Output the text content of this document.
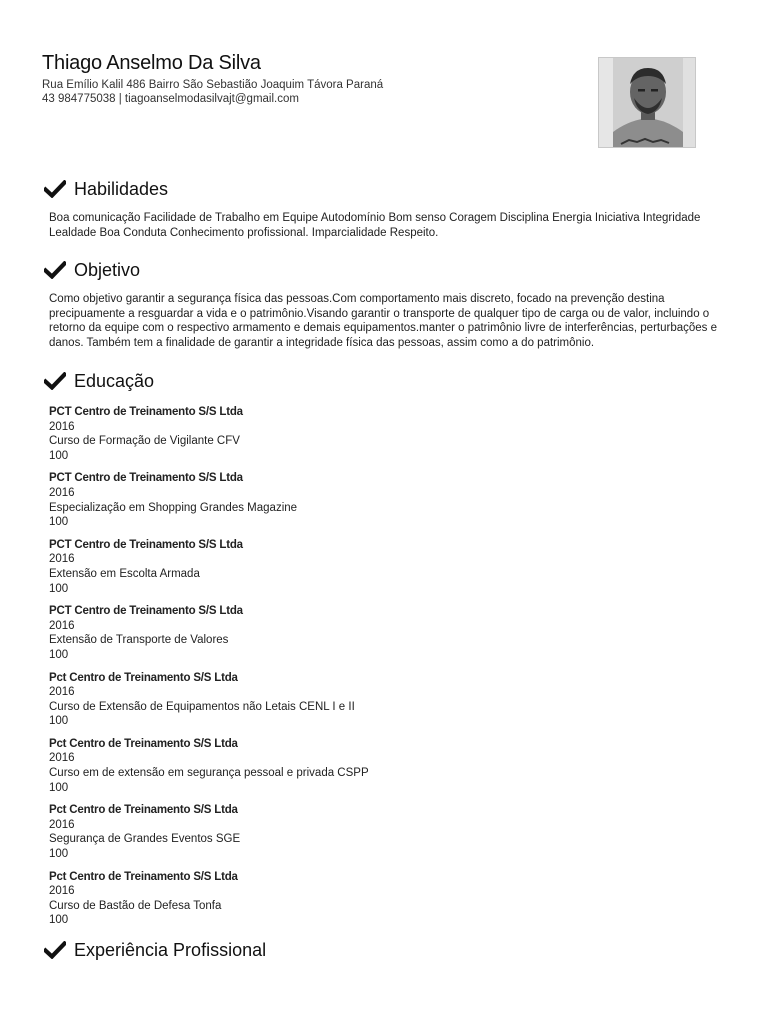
Thiago Anselmo Da Silva
Rua Emílio Kalil 486 Bairro São Sebastião Joaquim Távora Paraná
43 984775038 | tiagoanselmodasilvajt@gmail.com
Habilidades
Boa comunicação Facilidade de Trabalho em Equipe Autodomínio Bom senso Coragem Disciplina Energia Iniciativa Integridade Lealdade Boa Conduta Conhecimento profissional. Imparcialidade Respeito.
Objetivo
Como objetivo garantir a segurança física das pessoas.Com comportamento mais discreto, focado na prevenção destina precipuamente a resguardar a vida e o patrimônio.Visando garantir o transporte de qualquer tipo de carga ou de valor, incluindo o retorno da equipe com o respectivo armamento e demais equipamentos.manter o patrimônio livre de interferências, perturbações e danos. Também tem a finalidade de garantir a integridade física das pessoas, assim como a do patrimônio.
Educação
PCT Centro de Treinamento S/S Ltda
2016
Curso de Formação de Vigilante CFV
100
PCT Centro de Treinamento S/S Ltda
2016
Especialização em Shopping Grandes Magazine
100
PCT Centro de Treinamento S/S Ltda
2016
Extensão em Escolta Armada
100
PCT Centro de Treinamento S/S Ltda
2016
Extensão de Transporte de Valores
100
Pct Centro de Treinamento S/S Ltda
2016
Curso de Extensão de Equipamentos não Letais CENL I e II
100
Pct Centro de Treinamento S/S Ltda
2016
Curso em de extensão em segurança pessoal e privada CSPP
100
Pct Centro de Treinamento S/S Ltda
2016
Segurança de Grandes Eventos SGE
100
Pct Centro de Treinamento S/S Ltda
2016
Curso de Bastão de Defesa Tonfa
100
Experiência Profissional
